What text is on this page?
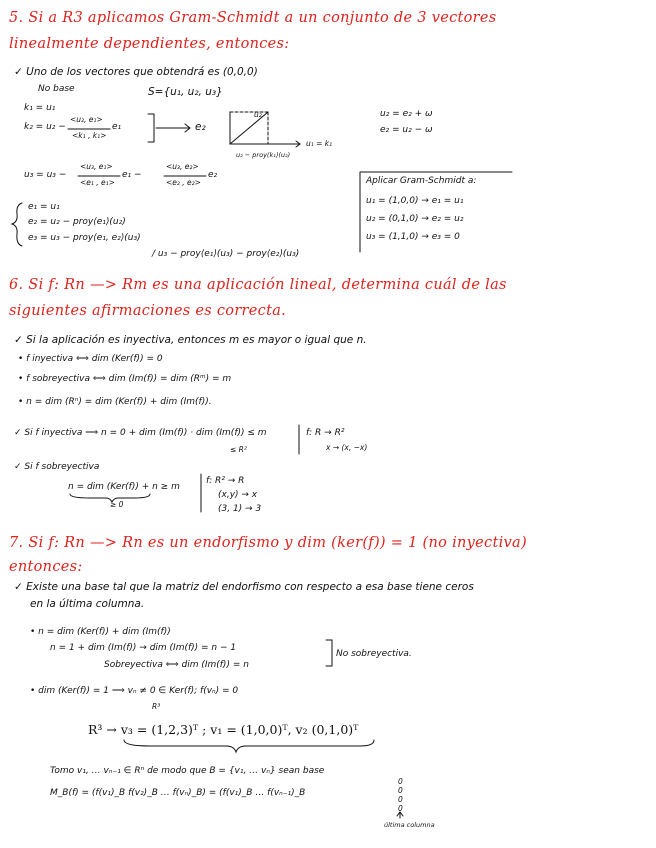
5. Si a R3 aplicamos Gram-Schmidt a un conjunto de 3 vectores
linealmente dependientes, entonces:
✓ Uno de los vectores que obtendrá es (0,0,0)
No base	S={u₁, u₂, u₃}
k₁ = u₁
k₂ = u₂ −
<u₂, e₁>
<k₁ , k₁>
e₁	e₂
u₂
u₁ = k₁
u₂ − proy⟨k₁⟩(u₂)
u₂ = e₂ + ω
e₂ = u₂ − ω
u₃ = u₃ −
<u₃, e₁>
<e₁ , e₁>
e₁ −
<u₃, e₂>
<e₂ , e₂>
e₂
e₁ = u₁
e₂ = u₂ − proy⟨e₁⟩(u₂)
e₃ = u₃ − proy⟨e₁, e₂⟩(u₃)
/ u₃ − proy⟨e₁⟩(u₃) − proy⟨e₂⟩(u₃)
Aplicar Gram-Schmidt a:
u₁ = (1,0,0) → e₁ = u₁
u₂ = (0,1,0) → e₂ = u₂
u₃ = (1,1,0) → e₃ = 0
6. Si f: Rn —> Rm es una aplicación lineal, determina cuál de las
siguientes afirmaciones es correcta.
✓ Si la aplicación es inyectiva, entonces m es mayor o igual que n.
• f inyectiva ⟺ dim (Ker(f)) = 0
• f sobreyectiva ⟺ dim (Im(f)) = dim (Rᵐ) = m
• n = dim (Rⁿ) = dim (Ker(f)) + dim (Im(f)).
✓ Si f inyectiva ⟹ n = 0 + dim (Im(f)) · dim (Im(f)) ≤ m
≤ R²
f: R → R²
x → (x, −x)
✓ Si f sobreyectiva
n = dim (Ker(f)) + n ≥ m
≥ 0
f: R² → R
(x,y) → x
(3, 1) → 3
7. Si f: Rn —> Rn es un endorfismo y dim (ker(f)) = 1 (no inyectiva)
entonces:
✓ Existe una base tal que la matriz del endorfismo con respecto a esa base tiene ceros
en la última columna.
• n = dim (Ker(f)) + dim (Im(f))
n = 1 + dim (Im(f)) → dim (Im(f)) = n − 1
Sobreyectiva ⟺ dim (Im(f)) = n
No sobreyectiva.
• dim (Ker(f)) = 1 ⟹ vₙ ≠ 0 ∈ Ker(f); f(vₙ) = 0
R³
R³ → v₃ = (1,2,3)ᵀ ; v₁ = (1,0,0)ᵀ, v₂ (0,1,0)ᵀ
Tomo v₁, … vₙ₋₁ ∈ Rⁿ de modo que B = {v₁, … vₙ} sean base
M_B(f) = (f(v₁)_B f(v₂)_B … f(vₙ)_B) = (f(v₁)_B … f(vₙ₋₁)_B
0
0
0
0
última columna
